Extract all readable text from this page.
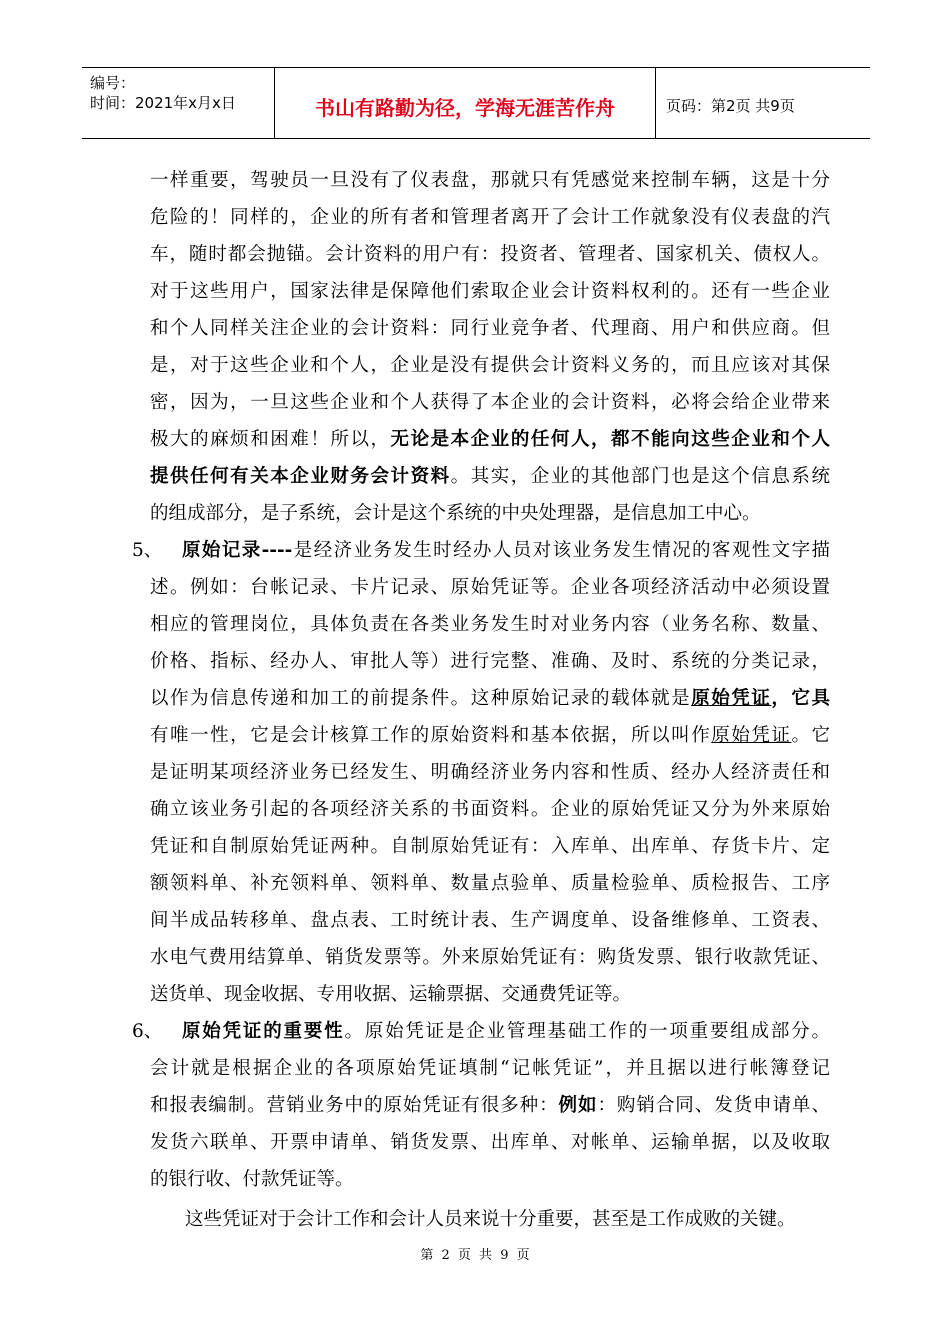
编号：
时间：2021年x月x日	书山有路勤为径，学海无涯苦作舟	页码：第2页 共9页
一样重要，驾驶员一旦没有了仪表盘，那就只有凭感觉来控制车辆，这是十分
危险的！同样的，企业的所有者和管理者离开了会计工作就象没有仪表盘的汽
车，随时都会抛锚。会计资料的用户有：投资者、管理者、国家机关、债权人。
对于这些用户，国家法律是保障他们索取企业会计资料权利的。还有一些企业
和个人同样关注企业的会计资料：同行业竞争者、代理商、用户和供应商。但
是，对于这些企业和个人，企业是没有提供会计资料义务的，而且应该对其保
密，因为，一旦这些企业和个人获得了本企业的会计资料，必将会给企业带来
极大的麻烦和困难！所以，无论是本企业的任何人，都不能向这些企业和个人
提供任何有关本企业财务会计资料。其实，企业的其他部门也是这个信息系统
的组成部分，是子系统，会计是这个系统的中央处理器，是信息加工中心。
5、 原始记录----是经济业务发生时经办人员对该业务发生情况的客观性文字描
述。例如：台帐记录、卡片记录、原始凭证等。企业各项经济活动中必须设置
相应的管理岗位，具体负责在各类业务发生时对业务内容（业务名称、数量、
价格、指标、经办人、审批人等）进行完整、准确、及时、系统的分类记录，
以作为信息传递和加工的前提条件。这种原始记录的载体就是原始凭证，它具
有唯一性，它是会计核算工作的原始资料和基本依据，所以叫作原始凭证。它
是证明某项经济业务已经发生、明确经济业务内容和性质、经办人经济责任和
确立该业务引起的各项经济关系的书面资料。企业的原始凭证又分为外来原始
凭证和自制原始凭证两种。自制原始凭证有：入库单、出库单、存货卡片、定
额领料单、补充领料单、领料单、数量点验单、质量检验单、质检报告、工序
间半成品转移单、盘点表、工时统计表、生产调度单、设备维修单、工资表、
水电气费用结算单、销货发票等。外来原始凭证有：购货发票、银行收款凭证、
送货单、现金收据、专用收据、运输票据、交通费凭证等。
6、 原始凭证的重要性。原始凭证是企业管理基础工作的一项重要组成部分。
会计就是根据企业的各项原始凭证填制“记帐凭证”，并且据以进行帐簿登记
和报表编制。营销业务中的原始凭证有很多种：例如：购销合同、发货申请单、
发货六联单、开票申请单、销货发票、出库单、对帐单、运输单据，以及收取
的银行收、付款凭证等。
这些凭证对于会计工作和会计人员来说十分重要，甚至是工作成败的关键。
第 2 页 共 9 页
